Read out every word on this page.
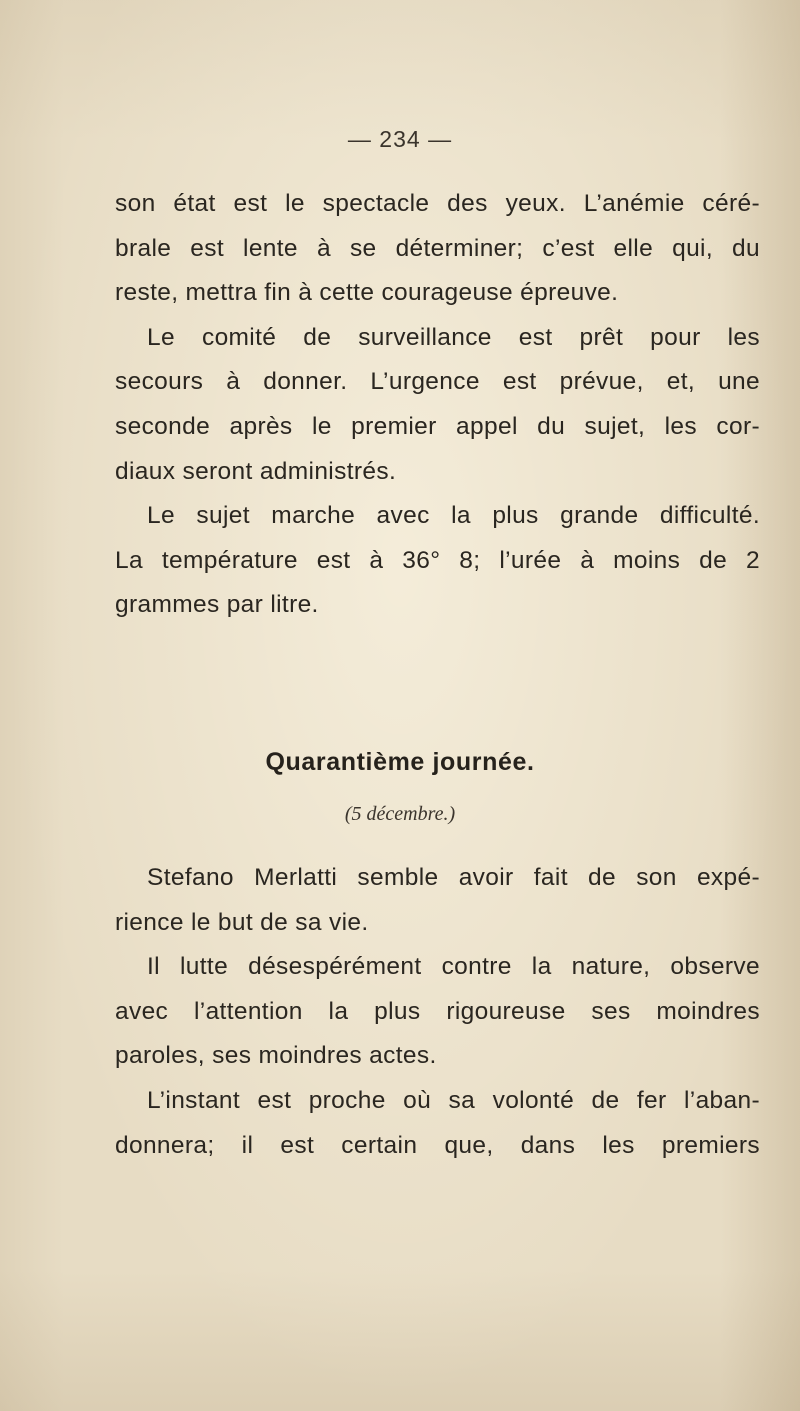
— 234 —
son état est le spectacle des yeux. L’anémie céré-
brale est lente à se déterminer; c’est elle qui, du
reste, mettra fin à cette courageuse épreuve.
Le comité de surveillance est prêt pour les
secours à donner. L’urgence est prévue, et, une
seconde après le premier appel du sujet, les cor-
diaux seront administrés.
Le sujet marche avec la plus grande difficulté.
La température est à 36° 8; l’urée à moins de 2
grammes par litre.
Quarantième journée.
(5 décembre.)
Stefano Merlatti semble avoir fait de son expé-
rience le but de sa vie.
Il lutte désespérément contre la nature, observe
avec l’attention la plus rigoureuse ses moindres
paroles, ses moindres actes.
L’instant est proche où sa volonté de fer l’aban-
donnera; il est certain que, dans les premiers
